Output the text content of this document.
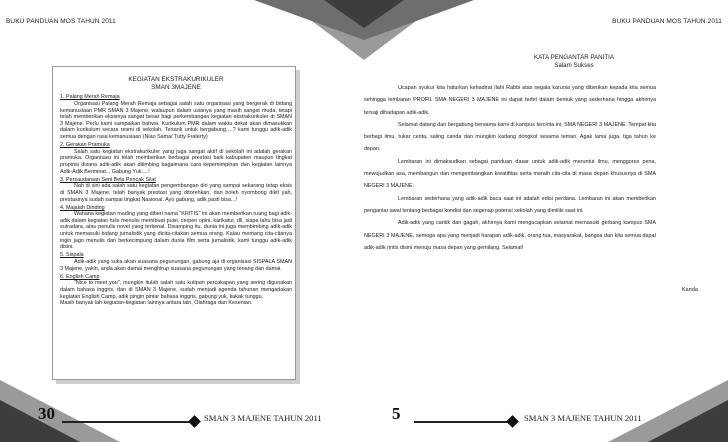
BUKU PANDUAN MOS TAHUN 2011
KEGIATAN EKSTRAKURIKULER
SMAN 3MAJENE
1. Palang Merah Remaja

Organisasi Palang Merah Remaja sebagai salah satu organisasi yang bergerak di bidang kemanusiaan PMR SMAN 3 Majene, walaupun dalam usianya yang masih sangat muda, tetapi telah memberikan eksisnya sangat besar bagi perkembangan kegiatan ekstrakurikuler di SMAN 3 Majene. Perlu kami sampaikan bahwa, Kurikulum PMR dalam waktu dekat akan dimasukkan dalam kurikulum secara resmi di sekolah. Tertarik untuk bergabung….? kami tunggu adik-adik semua dengan rasa kemanusiaan (Niao Sama/ Tutty Fraterty)

2. Gerakan Pramuka

Salah satu kegiatan ekstrakurikuler yang juga sangat aktif di sekolah ini adalah gerakan pramuka. Organisasi ini telah memberikan berbagai prestasi baik kabupaten maupun tingkat propinsi disana adik-adik akan ditimbing bagaimana cara kepemimpinan dan kegiatan lainnya Adik-Adik Berminat.., Gabung Yuk….!

3. Persaudaraan Seni Bela Pencak Silat

Nah di sini ada salah satu kegiatan pengembangan diri yang sampai sekarang tetap eksis di SMAN 3 Majene, telah banyak prestasi yang ditorehkan, dan boleh nyombong dikit yah, prestasinya sudah sampai tingkat Nasional. Ayo gabung, adik pasti bisa...!

4. Majalah Dinding

Wahana kegiatan mading yang diberi nama "KRITIS" ini akan memberikan ruang bagi adik-adik dalam kegiatan tulis menulis memibuat puisi, cerpen opini, karikatur, dll, siapa tahu bisa jadi sutradara, atau penulis novel yang terkenal. Disamping itu, dunia ini juga membimbing adik-adik untuk memasuki bidang jurnalistik yang dicita-citakan semua orang. Kalau memang cita-citanya ingin jago menulis dan berkecimpung dalam dunia film serta jurnalistik, kami tunggu adik-adik disini.

5. Sispala

Adik-adik yang suka akan suasana pegunungan, gabung aja di organisasi SISPALA SMAN 3 Majene, yakin, anda akan damai menghirup suasana pegunungan yang tenang dan damai.

6. English Camp

"Nice to meet you", mungkin itulah salah satu kutipan percakapan yang sering digunakan dalam bahasa inggris, dan di SMAN 3 Majene, sudah menjadi agenda tahunan mengadakan kegiatan English Camp, adik pingin pintar bahasa inggris, gabung yuk, kakak tunggu.

Masih banyak lah kegiatan-kegiatan lainnya antara lain, Olahraga dan Kesenian.

30	SMAN 3 MAJENE TAHUN 2011
BUKU PANDUAN MOS TAHUN 2011
KATA PENGANTAR PANITIA
Salam Sukses

Ucapan syukur kita haturkan kehadirat Ilahi Rabbi atas segala karunia yang diberikan kepada kita semua sehingga lembaran PROFIL SMA NEGERI 3 MAJENE ini dapat terbit dalam bentuk yang sederhana hingga akhirnya tersaji dihadapan adik-adik.

Selamat datang dan bergabung bersama kami di kampus tercinta ini, SMA NEGERI 3 MAJENE. Tempat kita berbagi ilmu, tukar cerita, saling canda dan mungkin kadang dongkol sesama teman. Agak lama juga, tiga tahun ke depan.

Lembaran ini dimaksudkan sebagai panduan dasar untuk adik-adik meruntut ilmu, menggores pena, mewujudkan asa, membangun dan mengembangkan kreatifitas serta meraih cita-cita di masa depan khususnya di SMA NEGERI 3 MAJENE.

Lembaran sederhana yang adik-adik baca saat ini adalah edisi perdana. Lembaran ini akan memberikan pengantar awal tentang berbagai kondisi dan segenap potensi sekolah yang dimiliki saat ini.

Adik-adik yang cantik dan gagah, akhirnya kami mengucapkan selamat memasuki gerbang kampus SMA NEGERI 3 MAJENE, semoga apa yang menjadi harapan adik-adik, orang tua, masyarakat, bangsa dan kita semua dapat adik-adik rintis disini menuju masa depan yang gemilang. Selamat!

Kanda
5	SMAN 3 MAJENE TAHUN 2011
